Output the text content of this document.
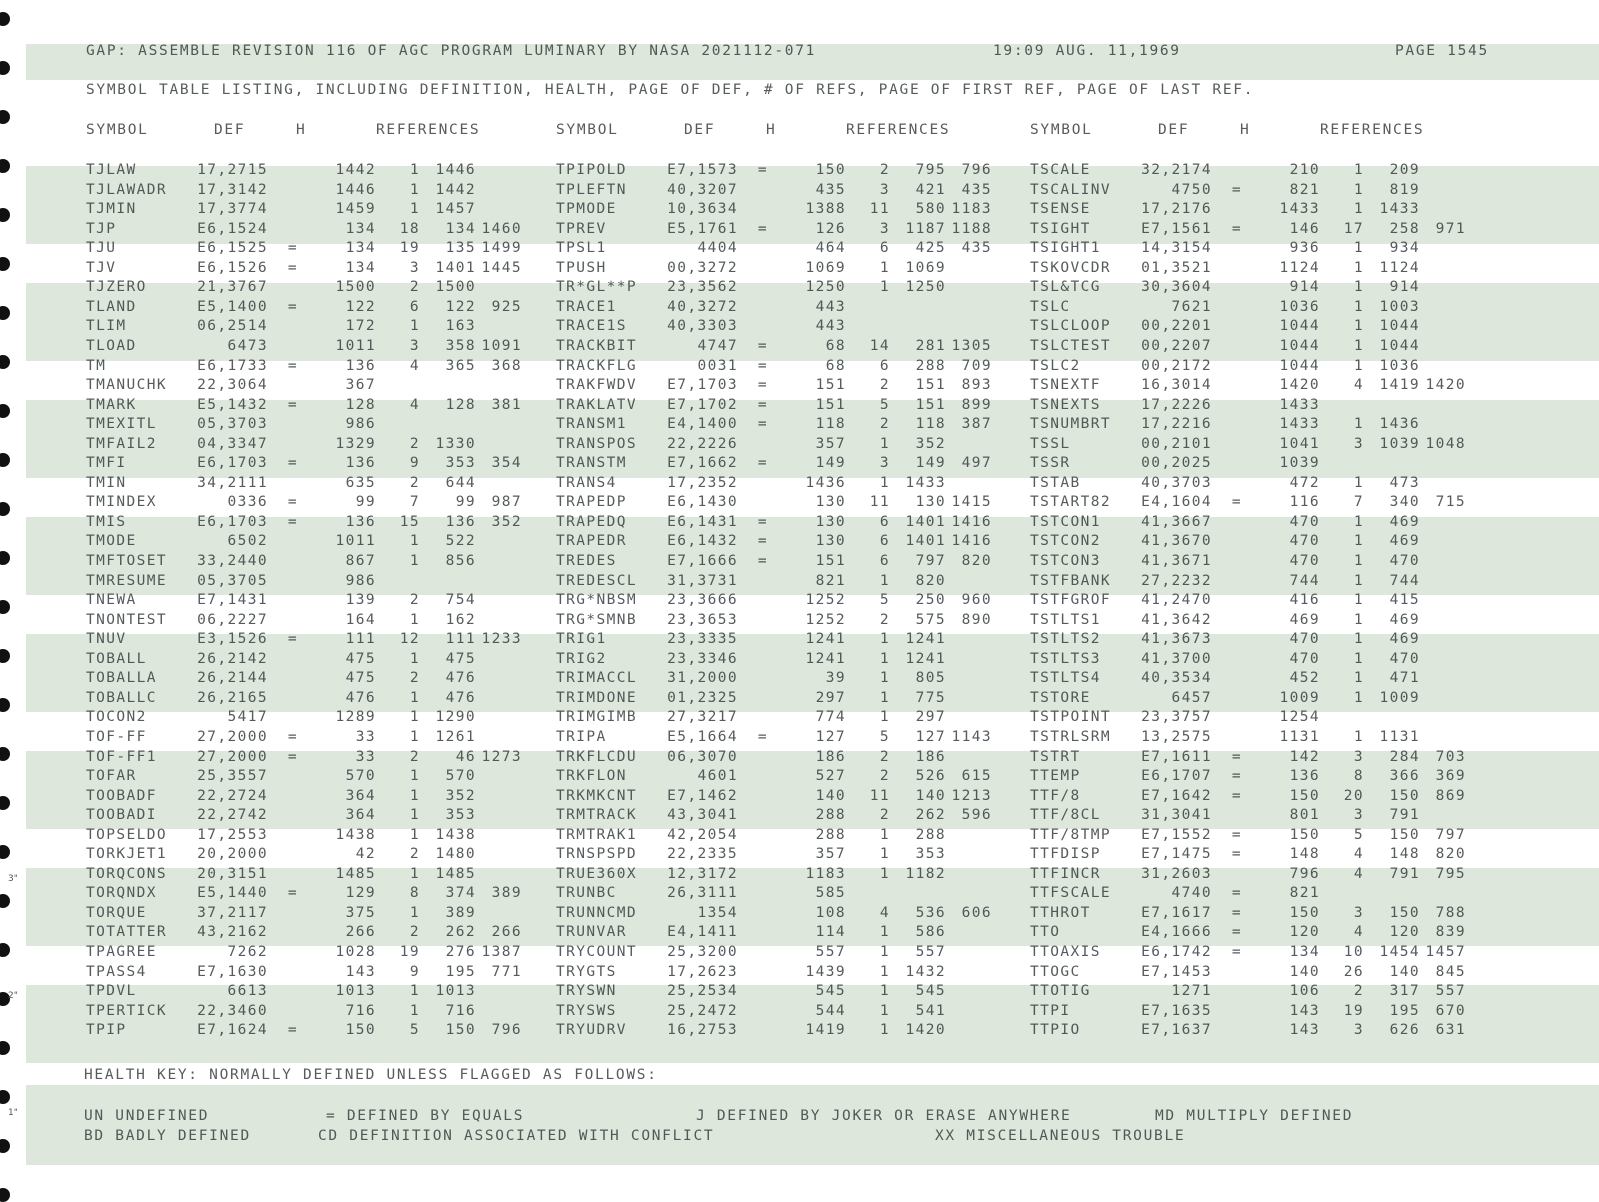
GAP: ASSEMBLE REVISION 116 OF AGC PROGRAM LUMINARY BY NASA 2021112-071	19:09 AUG. 11,1969	PAGE 1545
SYMBOL TABLE LISTING, INCLUDING DEFINITION, HEALTH, PAGE OF DEF, # OF REFS, PAGE OF FIRST REF, PAGE OF LAST REF.
SYMBOL	DEF	H	REFERENCES	SYMBOL	DEF	H	REFERENCES	SYMBOL	DEF	H	REFERENCES
TJLAW	17,2715	1442	1	1446
TJLAWADR	17,3142	1446	1	1442
TJMIN	17,3774	1459	1	1457
TJP	E6,1524	134	18	134 1460
TJU	E6,1525	=	134	19	135 1499
TJV	E6,1526	=	134	3	1401 1445
TJZERO	21,3767	1500	2	1500
TLAND	E5,1400	=	122	6	122	925
TLIM	06,2514	172	1	163
TLOAD	6473	1011	3	358 1091
TM	E6,1733	=	136	4	365	368
TMANUCHK	22,3064	367
TMARK	E5,1432	=	128	4	128	381
TMEXITL	05,3703	986
TMFAIL2	04,3347	1329	2	1330
TMFI	E6,1703	=	136	9	353	354
TMIN	34,2111	635	2	644
TMINDEX	0336	=	99	7	99	987
TMIS	E6,1703	=	136	15	136	352
TMODE	6502	1011	1	522
TMFTOSET	33,2440	867	1	856
TMRESUME	05,3705	986
TNEWA	E7,1431	139	2	754
TNONTEST	06,2227	164	1	162
TNUV	E3,1526	=	111	12	111 1233
TOBALL	26,2142	475	1	475
TOBALLA	26,2144	475	2	476
TOBALLC	26,2165	476	1	476
TOCON2	5417	1289	1	1290
TOF-FF	27,2000	=	33	1	1261
TOF-FF1	27,2000	=	33	2	46 1273
TOFAR	25,3557	570	1	570
TOOBADF	22,2724	364	1	352
TOOBADI	22,2742	364	1	353
TOPSELDO	17,2553	1438	1	1438
TORKJET1	20,2000	42	2	1480
TORQCONS	20,3151	1485	1	1485
TORQNDX	E5,1440	=	129	8	374	389
TORQUE	37,2117	375	1	389
TOTATTER	43,2162	266	2	262	266
TPAGREE	7262	1028	19	276 1387
TPASS4	E7,1630	143	9	195	771
TPDVL	6613	1013	1	1013
TPERTICK	22,3460	716	1	716
TPIP	E7,1624	=	150	5	150	796
TPIPOLD	E7,1573	=	150	2	795	796
TPLEFTN	40,3207	435	3	421	435
TPMODE	10,3634	1388	11	580 1183
TPREV	E5,1761	=	126	3	1187 1188
TPSL1	4404	464	6	425	435
TPUSH	00,3272	1069	1	1069
TR*GL**P	23,3562	1250	1	1250
TRACE1	40,3272	443
TRACE1S	40,3303	443
TRACKBIT	4747	=	68	14	281 1305
TRACKFLG	0031	=	68	6	288	709
TRAKFWDV	E7,1703	=	151	2	151	893
TRAKLATV	E7,1702	=	151	5	151	899
TRANSM1	E4,1400	=	118	2	118	387
TRANSPOS	22,2226	357	1	352
TRANSTM	E7,1662	=	149	3	149	497
TRANS4	17,2352	1436	1	1433
TRAPEDP	E6,1430	130	11	130 1415
TRAPEDQ	E6,1431	=	130	6	1401 1416
TRAPEDR	E6,1432	=	130	6	1401 1416
TREDES	E7,1666	=	151	6	797	820
TREDESCL	31,3731	821	1	820
TRG*NBSM	23,3666	1252	5	250	960
TRG*SMNB	23,3653	1252	2	575	890
TRIG1	23,3335	1241	1	1241
TRIG2	23,3346	1241	1	1241
TRIMACCL	31,2000	39	1	805
TRIMDONE	01,2325	297	1	775
TRIMGIMB	27,3217	774	1	297
TRIPA	E5,1664	=	127	5	127 1143
TRKFLCDU	06,3070	186	2	186
TRKFLON	4601	527	2	526	615
TRKMKCNT	E7,1462	140	11	140 1213
TRMTRACK	43,3041	288	2	262	596
TRMTRAK1	42,2054	288	1	288
TRNSPSPD	22,2335	357	1	353
TRUE360X	12,3172	1183	1	1182
TRUNBC	26,3111	585
TRUNNCMD	1354	108	4	536	606
TRUNVAR	E4,1411	114	1	586
TRYCOUNT	25,3200	557	1	557
TRYGTS	17,2623	1439	1	1432
TRYSWN	25,2534	545	1	545
TRYSWS	25,2472	544	1	541
TRYUDRV	16,2753	1419	1	1420
TSCALE	32,2174	210	1	209
TSCALINV	4750	=	821	1	819
TSENSE	17,2176	1433	1	1433
TSIGHT	E7,1561	=	146	17	258	971
TSIGHT1	14,3154	936	1	934
TSKOVCDR	01,3521	1124	1	1124
TSL&TCG	30,3604	914	1	914
TSLC	7621	1036	1	1003
TSLCLOOP	00,2201	1044	1	1044
TSLCTEST	00,2207	1044	1	1044
TSLC2	00,2172	1044	1	1036
TSNEXTF	16,3014	1420	4	1419 1420
TSNEXTS	17,2226	1433
TSNUMBRT	17,2216	1433	1	1436
TSSL	00,2101	1041	3	1039 1048
TSSR	00,2025	1039
TSTAB	40,3703	472	1	473
TSTART82	E4,1604	=	116	7	340	715
TSTCON1	41,3667	470	1	469
TSTCON2	41,3670	470	1	469
TSTCON3	41,3671	470	1	470
TSTFBANK	27,2232	744	1	744
TSTFGROF	41,2470	416	1	415
TSTLTS1	41,3642	469	1	469
TSTLTS2	41,3673	470	1	469
TSTLTS3	41,3700	470	1	470
TSTLTS4	40,3534	452	1	471
TSTORE	6457	1009	1	1009
TSTPOINT	23,3757	1254
TSTRLSRM	13,2575	1131	1	1131
TSTRT	E7,1611	=	142	3	284	703
TTEMP	E6,1707	=	136	8	366	369
TTF/8	E7,1642	=	150	20	150	869
TTF/8CL	31,3041	801	3	791
TTF/8TMP	E7,1552	=	150	5	150	797
TTFDISP	E7,1475	=	148	4	148	820
TTFINCR	31,2603	796	4	791	795
TTFSCALE	4740	=	821
TTHROT	E7,1617	=	150	3	150	788
TTO	E4,1666	=	120	4	120	839
TTOAXIS	E6,1742	=	134	10	1454 1457
TTOGC	E7,1453	140	26	140	845
TTOTIG	1271	106	2	317	557
TTPI	E7,1635	143	19	195	670
TTPIO	E7,1637	143	3	626	631
HEALTH KEY: NORMALLY DEFINED UNLESS FLAGGED AS FOLLOWS:
UN UNDEFINED	= DEFINED BY EQUALS	J DEFINED BY JOKER OR ERASE ANYWHERE	MD MULTIPLY DEFINED
BD BADLY DEFINED	CD DEFINITION ASSOCIATED WITH CONFLICT	XX MISCELLANEOUS TROUBLE
3"
2"
1"
